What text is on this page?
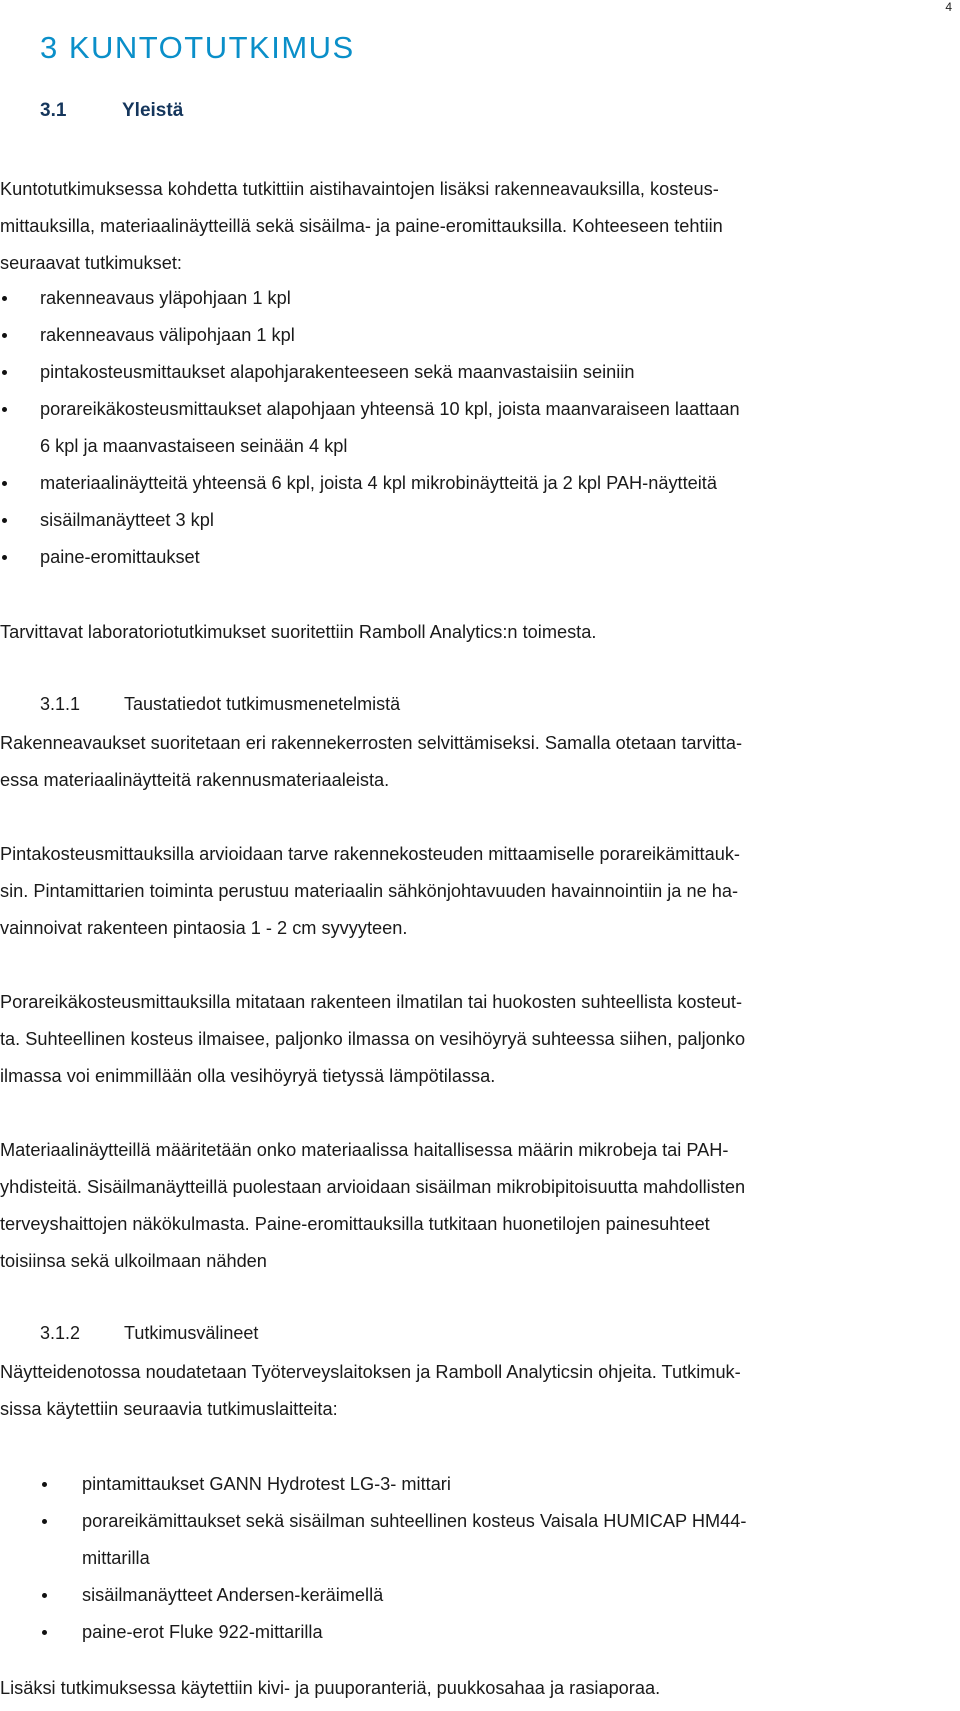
4
3 KUNTOTUTKIMUS
3.1	Yleistä

Kuntotutkimuksessa kohdetta tutkittiin aistihavaintojen lisäksi rakenneavauksilla, kosteus-
mittauksilla, materiaalinäytteillä sekä sisäilma- ja paine-eromittauksilla. Kohteeseen tehtiin
seuraavat tutkimukset:

rakenneavaus yläpohjaan 1 kpl
rakenneavaus välipohjaan 1 kpl
pintakosteusmittaukset alapohjarakenteeseen sekä maanvastaisiin seiniin
porareikäkosteusmittaukset alapohjaan yhteensä 10 kpl, joista maanvaraiseen laattaan
6 kpl ja maanvastaiseen seinään 4 kpl
materiaalinäytteitä yhteensä 6 kpl, joista 4 kpl mikrobinäytteitä ja 2 kpl PAH-näytteitä
sisäilmanäytteet 3 kpl
paine-eromittaukset

Tarvittavat laboratoriotutkimukset suoritettiin Ramboll Analytics:n toimesta.

3.1.1 Taustatiedot tutkimusmenetelmistä

Rakenneavaukset suoritetaan eri rakennekerrosten selvittämiseksi. Samalla otetaan tarvitta-
essa materiaalinäytteitä rakennusmateriaaleista.

Pintakosteusmittauksilla arvioidaan tarve rakennekosteuden mittaamiselle porareikämittauk-
sin. Pintamittarien toiminta perustuu materiaalin sähkönjohtavuuden havainnointiin ja ne ha-
vainnoivat rakenteen pintaosia 1 - 2 cm syvyyteen.

Porareikäkosteusmittauksilla mitataan rakenteen ilmatilan tai huokosten suhteellista kosteut-
ta. Suhteellinen kosteus ilmaisee, paljonko ilmassa on vesihöyryä suhteessa siihen, paljonko
ilmassa voi enimmillään olla vesihöyryä tietyssä lämpötilassa.

Materiaalinäytteillä määritetään onko materiaalissa haitallisessa määrin mikrobeja tai PAH-
yhdisteitä. Sisäilmanäytteillä puolestaan arvioidaan sisäilman mikrobipitoisuutta mahdollisten
terveyshaittojen näkökulmasta. Paine-eromittauksilla tutkitaan huonetilojen painesuhteet
toisiinsa sekä ulkoilmaan nähden

3.1.2 Tutkimusvälineet

Näytteidenotossa noudatetaan Työterveyslaitoksen ja Ramboll Analyticsin ohjeita. Tutkimuk-
sissa käytettiin seuraavia tutkimuslaitteita:

pintamittaukset GANN Hydrotest LG-3- mittari
porareikämittaukset sekä sisäilman suhteellinen kosteus Vaisala HUMICAP HM44-
mittarilla
sisäilmanäytteet Andersen-keräimellä
paine-erot Fluke 922-mittarilla

Lisäksi tutkimuksessa käytettiin kivi- ja puuporanteriä, puukkosahaa ja rasiaporaa.
